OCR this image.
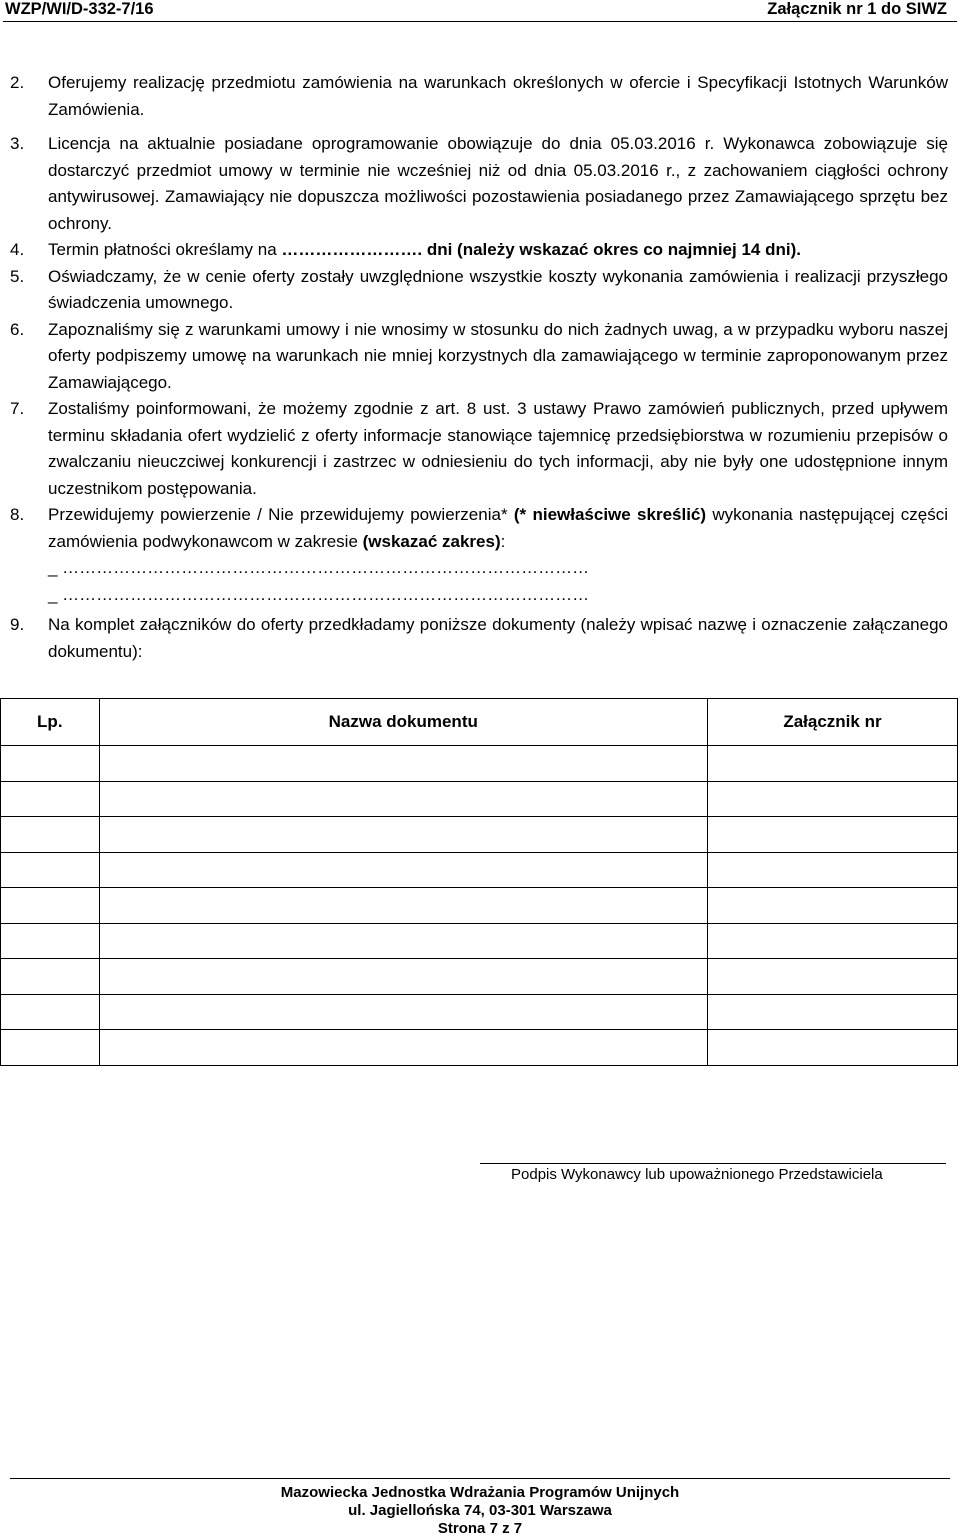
WZP/WI/D-332-7/16	Załącznik nr 1 do SIWZ
2. Oferujemy realizację przedmiotu zamówienia na warunkach określonych w ofercie i Specyfikacji Istotnych Warunków Zamówienia.
3. Licencja na aktualnie posiadane oprogramowanie obowiązuje do dnia 05.03.2016 r. Wykonawca zobowiązuje się dostarczyć przedmiot umowy w terminie nie wcześniej niż od dnia 05.03.2016 r., z zachowaniem ciągłości ochrony antywirusowej. Zamawiający nie dopuszcza możliwości pozostawienia posiadanego przez Zamawiającego sprzętu bez ochrony.
4. Termin płatności określamy na ……………………. dni (należy wskazać okres co najmniej 14 dni).
5. Oświadczamy, że w cenie oferty zostały uwzględnione wszystkie koszty wykonania zamówienia i realizacji przyszłego świadczenia umownego.
6. Zapoznaliśmy się z warunkami umowy i nie wnosimy w stosunku do nich żadnych uwag, a w przypadku wyboru naszej oferty podpiszemy umowę na warunkach nie mniej korzystnych dla zamawiającego w terminie zaproponowanym przez Zamawiającego.
7. Zostaliśmy poinformowani, że możemy zgodnie z art. 8 ust. 3 ustawy Prawo zamówień publicznych, przed upływem terminu składania ofert wydzielić z oferty informacje stanowiące tajemnicę przedsiębiorstwa w rozumieniu przepisów o zwalczaniu nieuczciwej konkurencji i zastrzec w odniesieniu do tych informacji, aby nie były one udostępnione innym uczestnikom postępowania.
8. Przewidujemy powierzenie / Nie przewidujemy powierzenia* (* niewłaściwe skreślić) wykonania następującej części zamówienia podwykonawcom w zakresie (wskazać zakres):
_ …………………………………………………………………………………
_ …………………………………………………………………………………
9. Na komplet załączników do oferty przedkładamy poniższe dokumenty (należy wpisać nazwę i oznaczenie załączanego dokumentu):
Lp.	Nazwa dokumentu	Załącznik nr

Podpis Wykonawcy lub upoważnionego Przedstawiciela
Mazowiecka Jednostka Wdrażania Programów Unijnych
ul. Jagiellońska 74, 03-301 Warszawa
Strona 7 z 7
